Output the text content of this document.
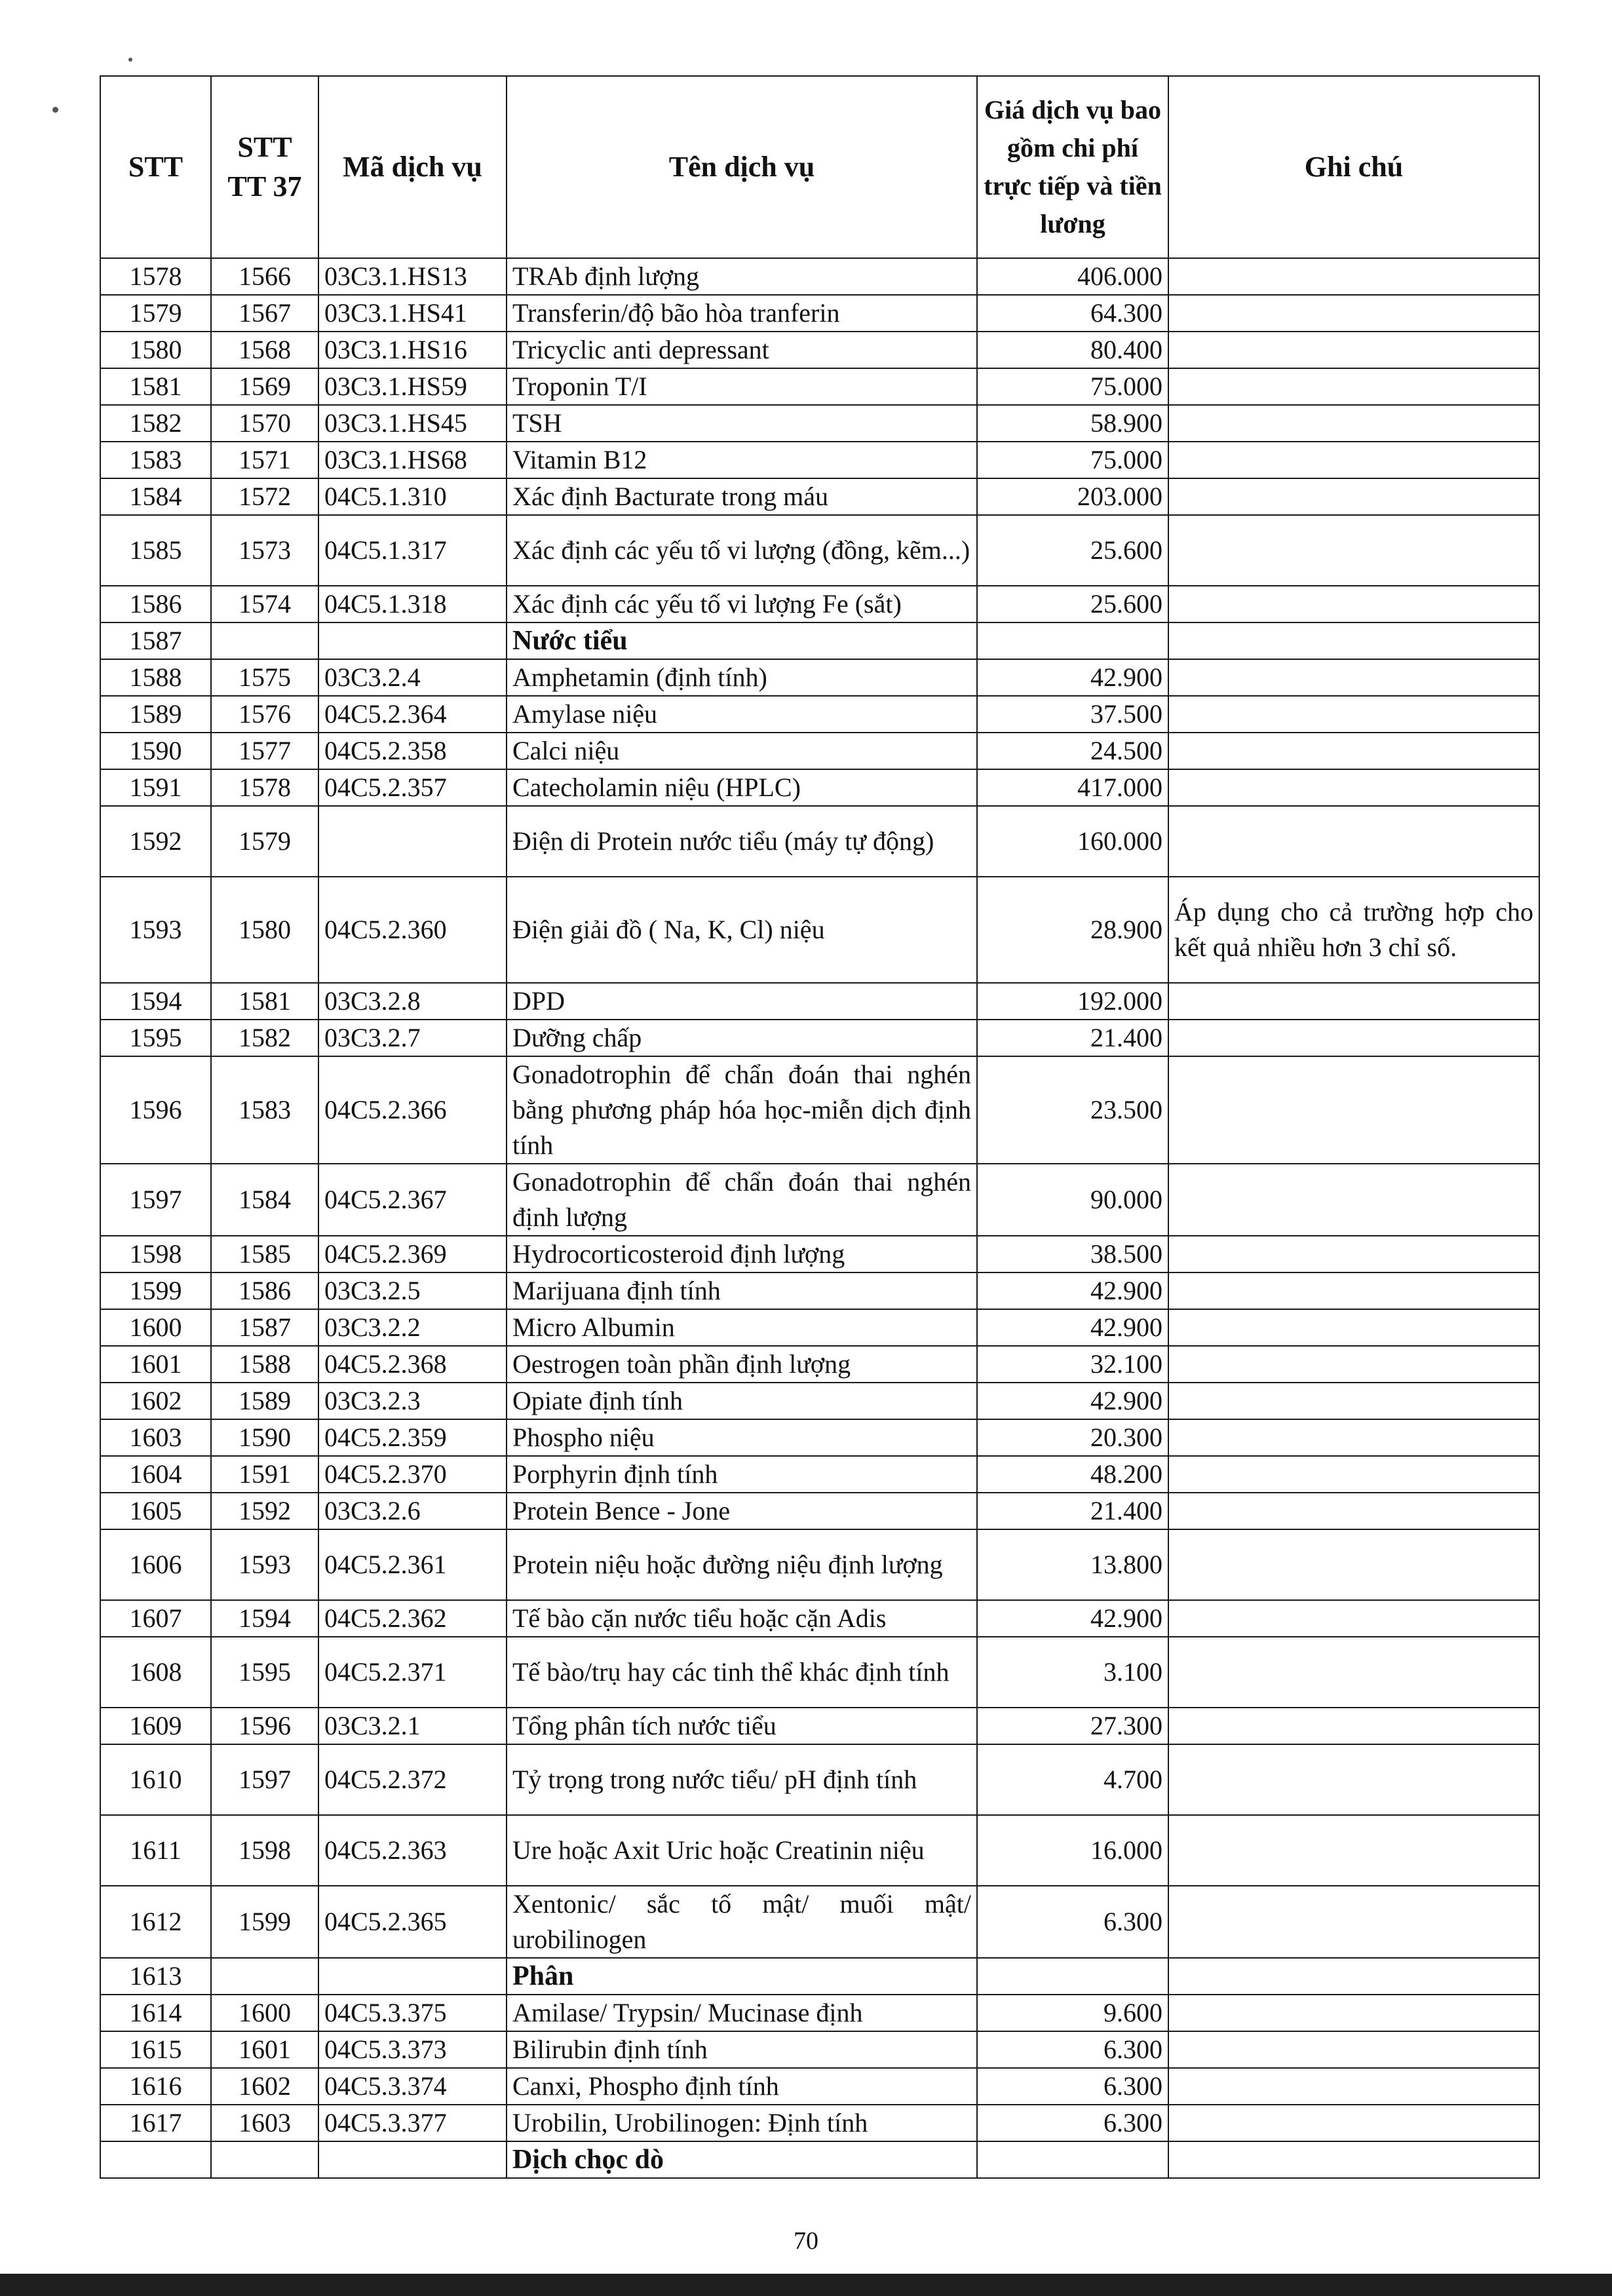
STT	STT TT 37	Mã dịch vụ	Tên dịch vụ	Giá dịch vụ bao gồm chi phí trực tiếp và tiền lương	Ghi chú
1578	1566	03C3.1.HS13	TRAb định lượng	406.000	
1579	1567	03C3.1.HS41	Transferin/độ bão hòa tranferin	64.300	
1580	1568	03C3.1.HS16	Tricyclic anti depressant	80.400	
1581	1569	03C3.1.HS59	Troponin T/I	75.000	
1582	1570	03C3.1.HS45	TSH	58.900	
1583	1571	03C3.1.HS68	Vitamin B12	75.000	
1584	1572	04C5.1.310	Xác định Bacturate trong máu	203.000	
1585	1573	04C5.1.317	Xác định các yếu tố vi lượng (đồng, kẽm...)	25.600	
1586	1574	04C5.1.318	Xác định các yếu tố vi lượng Fe (sắt)	25.600	
1587			Nước tiểu		
1588	1575	03C3.2.4	Amphetamin (định tính)	42.900	
1589	1576	04C5.2.364	Amylase niệu	37.500	
1590	1577	04C5.2.358	Calci niệu	24.500	
1591	1578	04C5.2.357	Catecholamin niệu (HPLC)	417.000	
1592	1579		Điện di Protein nước tiểu (máy tự động)	160.000	
1593	1580	04C5.2.360	Điện giải đồ ( Na, K, Cl) niệu	28.900	Áp dụng cho cả trường hợp cho kết quả nhiều hơn 3 chỉ số.
1594	1581	03C3.2.8	DPD	192.000	
1595	1582	03C3.2.7	Dưỡng chấp	21.400	
1596	1583	04C5.2.366	Gonadotrophin để chẩn đoán thai nghén bằng phương pháp hóa học-miễn dịch định tính	23.500	
1597	1584	04C5.2.367	Gonadotrophin để chẩn đoán thai nghén định lượng	90.000	
1598	1585	04C5.2.369	Hydrocorticosteroid định lượng	38.500	
1599	1586	03C3.2.5	Marijuana định tính	42.900	
1600	1587	03C3.2.2	Micro Albumin	42.900	
1601	1588	04C5.2.368	Oestrogen toàn phần định lượng	32.100	
1602	1589	03C3.2.3	Opiate định tính	42.900	
1603	1590	04C5.2.359	Phospho niệu	20.300	
1604	1591	04C5.2.370	Porphyrin định tính	48.200	
1605	1592	03C3.2.6	Protein Bence - Jone	21.400	
1606	1593	04C5.2.361	Protein niệu hoặc đường niệu định lượng	13.800	
1607	1594	04C5.2.362	Tế bào cặn nước tiểu hoặc cặn Adis	42.900	
1608	1595	04C5.2.371	Tế bào/trụ hay các tinh thể khác định tính	3.100	
1609	1596	03C3.2.1	Tổng phân tích nước tiểu	27.300	
1610	1597	04C5.2.372	Tỷ trọng trong nước tiểu/ pH định tính	4.700	
1611	1598	04C5.2.363	Ure hoặc Axit Uric hoặc Creatinin niệu	16.000	
1612	1599	04C5.2.365	Xentonic/ sắc tố mật/ muối mật/ urobilinogen	6.300	
1613			Phân		
1614	1600	04C5.3.375	Amilase/ Trypsin/ Mucinase định	9.600	
1615	1601	04C5.3.373	Bilirubin định tính	6.300	
1616	1602	04C5.3.374	Canxi, Phospho định tính	6.300	
1617	1603	04C5.3.377	Urobilin, Urobilinogen: Định tính	6.300	
			Dịch chọc dò		
70
